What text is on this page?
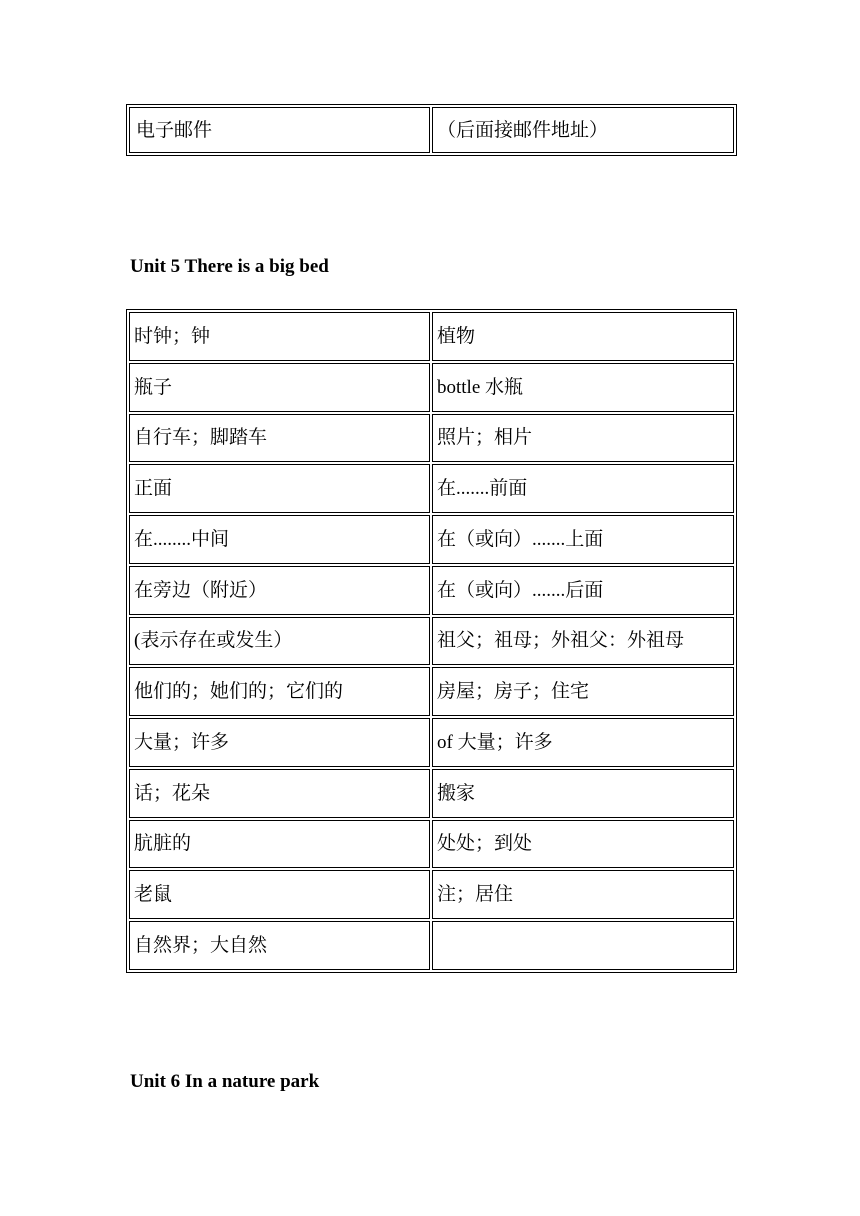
电子邮件	（后面接邮件地址）
Unit 5 There is a big bed
时钟；钟	植物
瓶子	bottle 水瓶
自行车；脚踏车	照片；相片
正面	在.......前面
在........中间	在（或向）.......上面
在旁边（附近）	在（或向）.......后面
(表示存在或发生）	祖父；祖母；外祖父：外祖母
他们的；她们的；它们的	房屋；房子；住宅
大量；许多	of 大量；许多
话；花朵	搬家
肮脏的	处处；到处
老鼠	注；居住
自然界；大自然	
Unit 6 In a nature park
